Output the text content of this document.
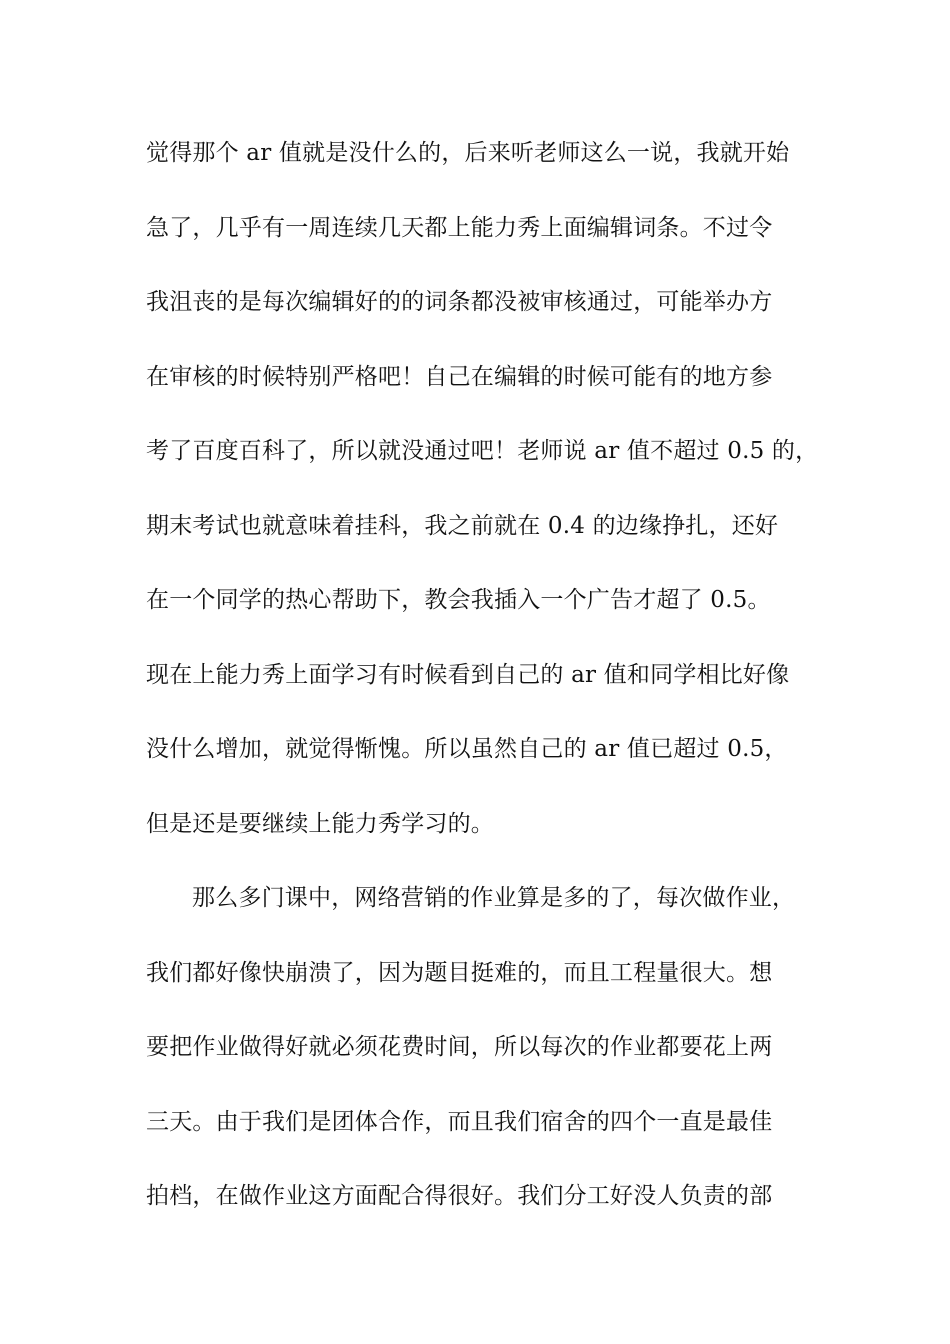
觉得那个 ar 值就是没什么的，后来听老师这么一说，我就开始
急了，几乎有一周连续几天都上能力秀上面编辑词条。不过令
我沮丧的是每次编辑好的的词条都没被审核通过，可能举办方
在审核的时候特别严格吧！自己在编辑的时候可能有的地方参
考了百度百科了，所以就没通过吧！老师说 ar 值不超过 0.5 的，
期末考试也就意味着挂科，我之前就在 0.4 的边缘挣扎，还好
在一个同学的热心帮助下，教会我插入一个广告才超了 0.5。
现在上能力秀上面学习有时候看到自己的 ar 值和同学相比好像
没什么增加，就觉得惭愧。所以虽然自己的 ar 值已超过 0.5，
但是还是要继续上能力秀学习的。
那么多门课中，网络营销的作业算是多的了，每次做作业，
我们都好像快崩溃了，因为题目挺难的，而且工程量很大。想
要把作业做得好就必须花费时间，所以每次的作业都要花上两
三天。由于我们是团体合作，而且我们宿舍的四个一直是最佳
拍档，在做作业这方面配合得很好。我们分工好没人负责的部
